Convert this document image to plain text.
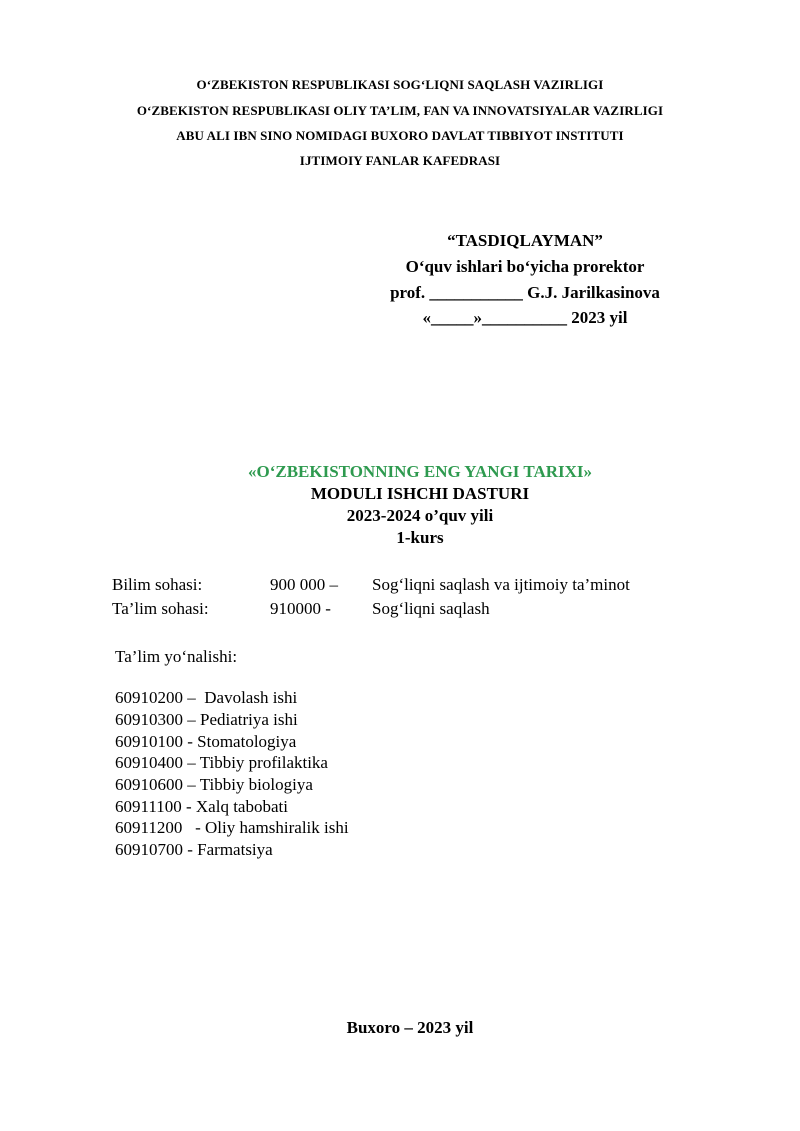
O‘ZBEKISTON RESPUBLIKASI SOG‘LIQNI SAQLASH VAZIRLIGI
O‘ZBEKISTON RESPUBLIKASI OLIY TA’LIM, FAN VA INNOVATSIYALAR VAZIRLIGI
ABU ALI IBN SINO NOMIDAGI BUXORO DAVLAT TIBBIYOT INSTITUTI
IJTIMOIY FANLAR KAFEDRASI
“TASDIQLAYMAN”
O‘quv ishlari bo‘yicha prorektor
prof. ___________ G.J. Jarilkasinova
«_____»__________ 2023 yil
«O‘ZBEKISTONNING ENG YANGI TARIXI»
MODULI ISHCHI DASTURI
2023-2024 o’quv yili
1-kurs
Bilim sohasi:	900 000 – Sog‘liqni saqlash va ijtimoiy ta’minot
Ta’lim sohasi:	910000 - Sog‘liqni saqlash
Ta’lim yo‘nalishi:
60910200 –  Davolash ishi
60910300 – Pediatriya ishi
60910100 - Stomatologiya
60910400 – Tibbiy profilaktika
60910600 – Tibbiy biologiya
60911100 - Xalq tabobati
60911200   - Oliy hamshiralik ishi
60910700 - Farmatsiya
Buxoro – 2023 yil
